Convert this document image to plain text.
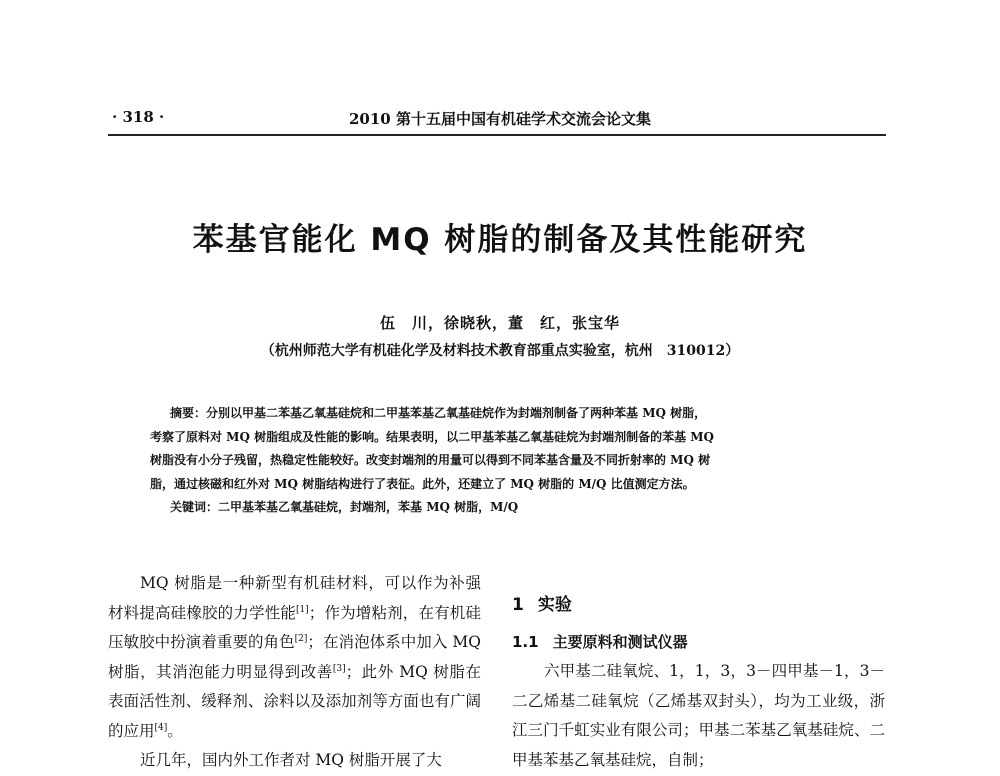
· 318 ·	2010 第十五届中国有机硅学术交流会论文集
苯基官能化 MQ 树脂的制备及其性能研究
伍　川，徐晓秋，董　红，张宝华
（杭州师范大学有机硅化学及材料技术教育部重点实验室，杭州　310012）

摘要：分别以甲基二苯基乙氧基硅烷和二甲基苯基乙氧基硅烷作为封端剂制备了两种苯基 MQ 树脂，

考察了原料对 MQ 树脂组成及性能的影响。结果表明，以二甲基苯基乙氧基硅烷为封端剂制备的苯基 MQ

树脂没有小分子残留，热稳定性能较好。改变封端剂的用量可以得到不同苯基含量及不同折射率的 MQ 树

脂，通过核磁和红外对 MQ 树脂结构进行了表征。此外，还建立了 MQ 树脂的 M/Q 比值测定方法。

关键词：二甲基苯基乙氧基硅烷，封端剂，苯基 MQ 树脂，M/Q

MQ 树脂是一种新型有机硅材料，可以作为补强材料提高硅橡胶的力学性能[1]；作为增粘剂，在有机硅压敏胶中扮演着重要的角色[2]；在消泡体系中加入 MQ 树脂，其消泡能力明显得到改善[3]；此外 MQ 树脂在表面活性剂、缓释剂、涂料以及添加剂等方面也有广阔的应用[4]。

近几年，国内外工作者对 MQ 树脂开展了大

1 实验
1.1 主要原料和测试仪器

六甲基二硅氧烷、1，1，3，3－四甲基－1，3－二乙烯基二硅氧烷（乙烯基双封头），均为工业级，浙江三门千虹实业有限公司；甲基二苯基乙氧基硅烷、二甲基苯基乙氧基硅烷，自制；
